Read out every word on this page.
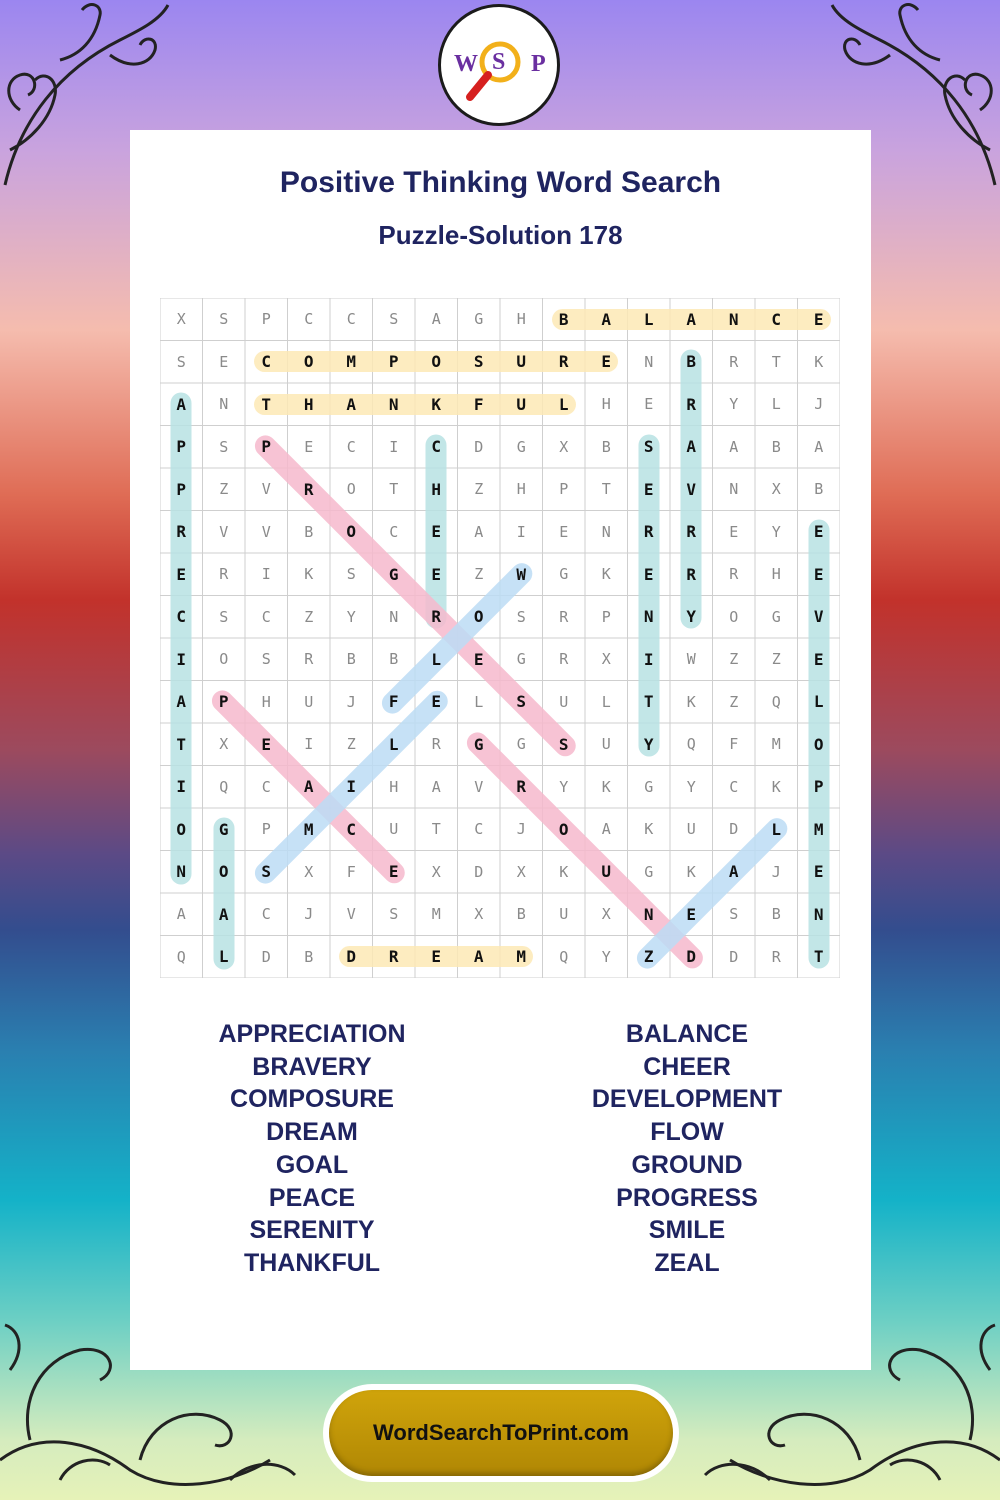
Positive Thinking Word Search
Puzzle-Solution 178
X	S	P	C	C	S	A	G	H	B	A	L	A	N	C	E
S	E	C	O	M	P	O	S	U	R	E	N	B	R	T	K
A	N	T	H	A	N	K	F	U	L	H	E	R	Y	L	J
P	S	P	E	C	I	C	D	G	X	B	S	A	A	B	A
P	Z	V	R	O	T	H	Z	H	P	T	E	V	N	X	B
R	V	V	B	O	C	E	A	I	E	N	R	R	E	Y	E
E	R	I	K	S	G	E	Z	W	G	K	E	R	R	H	E
C	S	C	Z	Y	N	R	O	S	R	P	N	Y	O	G	V
I	O	S	R	B	B	L	E	G	R	X	I	W	Z	Z	E
A	P	H	U	J	F	E	L	S	U	L	T	K	Z	Q	L
T	X	E	I	Z	L	R	G	G	S	U	Y	Q	F	M	O
I	Q	C	A	I	H	A	V	R	Y	K	G	Y	C	K	P
O	G	P	M	C	U	T	C	J	O	A	K	U	D	L	M
N	O	S	X	F	E	X	D	X	K	U	G	K	A	J	E
A	A	C	J	V	S	M	X	B	U	X	N	E	S	B	N
Q	L	D	B	D	R	E	A	M	Q	Y	Z	D	D	R	T
APPRECIATION
BRAVERY
COMPOSURE
DREAM
GOAL
PEACE
SERENITY
THANKFUL
BALANCE
CHEER
DEVELOPMENT
FLOW
GROUND
PROGRESS
SMILE
ZEAL
W S P
WordSearchToPrint.com
